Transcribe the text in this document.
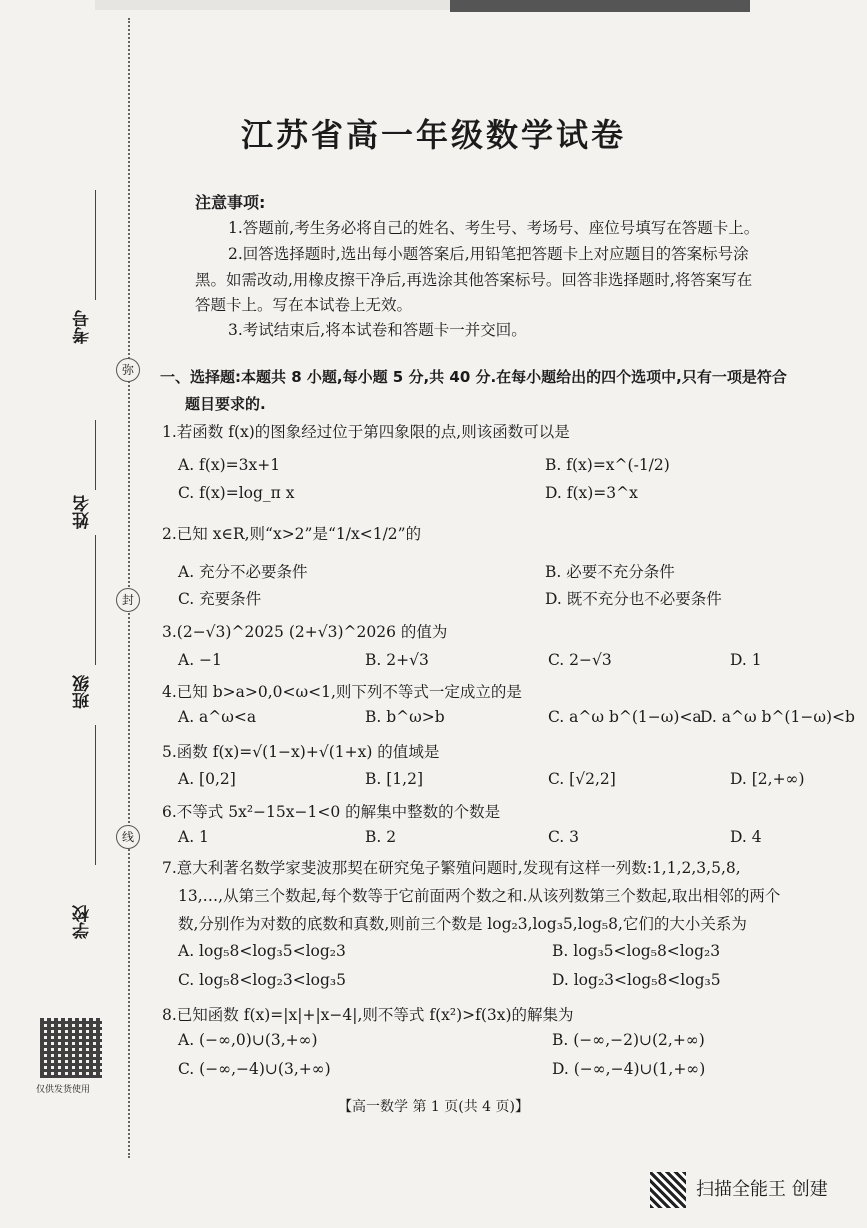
弥
封
线
考号
姓名
班级
学校
仅供发货使用
江苏省高一年级数学试卷
注意事项:
1.答题前,考生务必将自己的姓名、考生号、考场号、座位号填写在答题卡上。
2.回答选择题时,选出每小题答案后,用铅笔把答题卡上对应题目的答案标号涂
黑。如需改动,用橡皮擦干净后,再选涂其他答案标号。回答非选择题时,将答案写在
答题卡上。写在本试卷上无效。
3.考试结束后,将本试卷和答题卡一并交回。
一、选择题:本题共 8 小题,每小题 5 分,共 40 分.在每小题给出的四个选项中,只有一项是符合
题目要求的.
1.若函数 f(x)的图象经过位于第四象限的点,则该函数可以是
A. f(x)=3x+1	B. f(x)=x^(-1/2)
C. f(x)=log_π x	D. f(x)=3^x
2.已知 x∈R,则“x>2”是“1/x<1/2”的
A. 充分不必要条件	B. 必要不充分条件
C. 充要条件	D. 既不充分也不必要条件
3.(2−√3)^2025 (2+√3)^2026 的值为
A. −1	B. 2+√3	C. 2−√3	D. 1
4.已知 b>a>0,0<ω<1,则下列不等式一定成立的是
A. a^ω<a	B. b^ω>b	C. a^ω b^(1−ω)<a
D. a^ω b^(1−ω)<b
5.函数 f(x)=√(1−x)+√(1+x) 的值域是
A. [0,2]	B. [1,2]	C. [√2,2]	D. [2,+∞)
6.不等式 5x²−15x−1<0 的解集中整数的个数是
A. 1	B. 2	C. 3	D. 4
7.意大利著名数学家斐波那契在研究兔子繁殖问题时,发现有这样一列数:1,1,2,3,5,8,
13,…,从第三个数起,每个数等于它前面两个数之和.从该列数第三个数起,取出相邻的两个
数,分别作为对数的底数和真数,则前三个数是 log₂3,log₃5,log₅8,它们的大小关系为
A. log₅8<log₃5<log₂3	B. log₃5<log₅8<log₂3
C. log₅8<log₂3<log₃5	D. log₂3<log₅8<log₃5
8.已知函数 f(x)=|x|+|x−4|,则不等式 f(x²)>f(3x)的解集为
A. (−∞,0)∪(3,+∞)	B. (−∞,−2)∪(2,+∞)
C. (−∞,−4)∪(3,+∞)	D. (−∞,−4)∪(1,+∞)
【高一数学 第 1 页(共 4 页)】
扫描全能王 创建
